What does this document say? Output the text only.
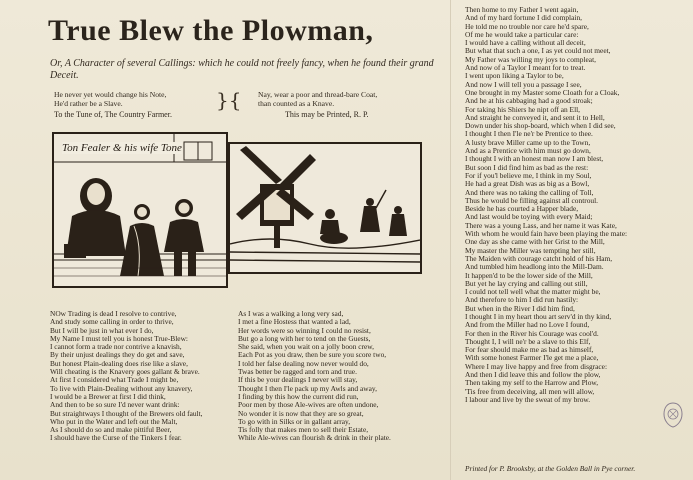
True Blew the Plowman,
Or, A Character of several Callings: which he could not freely fancy, when he found their grand Deceit.
He never yet would change his Note,
He'd rather be a Slave.	}{ Nay, wear a poor and thread-bare Coat,
than counted as a Knave.
To the Tune of, The Country Farmer.	This may be Printed, R. P.
Ton Fealer & his wife Tone
NOw Trading is dead I resolve to contrive,
And study some calling in order to thrive,
But I will be just in what ever I do,
My Name I must tell you is honest True-Blew:
I cannot form a trade nor contrive a knavish,
By their unjust dealings they do get and save,
But honest Plain-dealing does rise like a slave,
Will cheating is the Knavery goes gallant & brave.
At first I considered what Trade I might be,
To live with Plain-Dealing without any knavery,
I would be a Brewer at first I did think,
And then to be so sure I'd never want drink:
But straightways I thought of the Brewers old fault,
Who put in the Water and left out the Malt,
As I should do so and make pittiful Beer,
I should have the Curse of the Tinkers I fear.
As I was a walking a long very sad,
I met a fine Hostess that wanted a lad,
Her words were so winning I could no resist,
But go a long with her to tend on the Guests,
She said, when you wait on a jolly boon crew,
Each Pot as you draw, then be sure you score two,
I told her false dealing now never would do,
Twas better be ragged and torn and true.
If this be your dealings I never will stay,
Thought I then I'le pack up my Awls and away,
I finding by this how the current did run,
Poor men by those Ale-wives are often undone,
No wonder it is now that they are so great,
To go with in Silks or in gallant array,
Tis folly that makes men to sell their Estate,
While Ale-wives can flourish & drink in their plate.
Then home to my Father I went again,
And of my hard fortune I did complain,
He told me no trouble nor care he'd spare,
Of me he would take a particular care:
I would have a calling without all deceit,
But what that such a one, I as yet could not meet,
My Father was willing my joys to compleat,
And now of a Taylor I meant for to treat.
I went upon liking a Taylor to be,
And now I will tell you a passage I see,
One brought in my Master some Cloath for a Cloak,
And he at his cabbaging had a good stroak;
For taking his Shiers he nipt off an Ell,
And straight he conveyed it, and sent it to Hell,
Down under his shop-board, which when I did see,
I thought I then I'le ne'r be Prentice to thee.
A lusty brave Miller came up to the Town,
And as a Prentice with him must go down,
I thought I with an honest man now I am blest,
But soon I did find him as bad as the rest:
For if you'l believe me, I think in my Soul,
He had a great Dish was as big as a Bowl,
And there was no taking the calling of Toll,
Thus he would be filling against all controul.
Beside he has courted a Happer blade,
And last would be toying with every Maid;
There was a young Lass, and her name it was Kate,
With whom he would fain have been playing the mate:
One day as she came with her Grist to the Mill,
My master the Miller was tempting her still,
The Maiden with courage catcht hold of his Ham,
And tumbled him headlong into the Mill-Dam.
It happen'd to be the lower side of the Mill,
But yet he lay crying and calling out still,
I could not tell well what the matter might be,
And therefore to him I did run hastily:
But when in the River I did him find,
I thought I in my heart thou art serv'd in thy kind,
And from the Miller had no Love I found,
For then in the River his Courage was cool'd.
Thought I, I will ne'r be a slave to this Elf,
For fear should make me as bad as himself,
With some honest Farmer I'le get me a place,
Where I may live happy and free from disgrace:
And then I did leave this and follow the plow,
Then taking my self to the Harrow and Plow,
'Tis free from deceiving, all men will allow,
I labour and live by the sweat of my brow.
Printed for P. Brooksby, at the Golden Ball in Pye corner.
